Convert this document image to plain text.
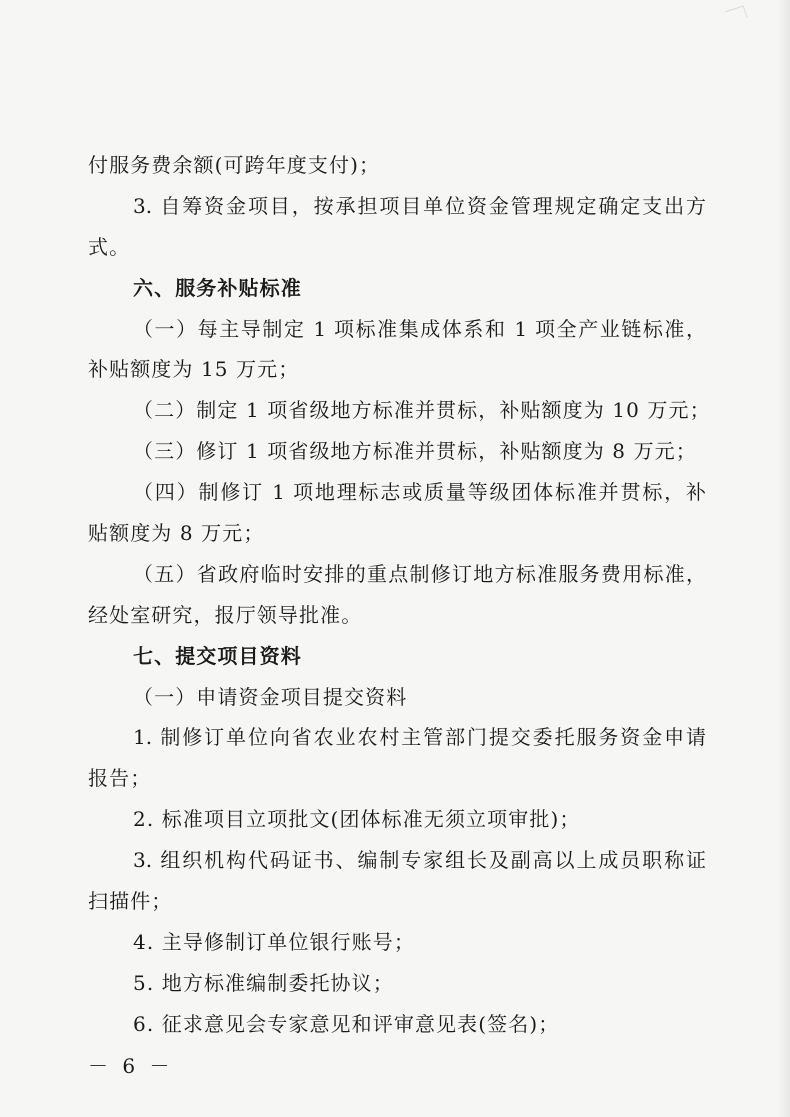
付服务费余额(可跨年度支付)；
3. 自筹资金项目，按承担项目单位资金管理规定确定支出方
式。
六、服务补贴标准
（一）每主导制定 1 项标准集成体系和 1 项全产业链标准，
补贴额度为 15 万元；
（二）制定 1 项省级地方标准并贯标，补贴额度为 10 万元；
（三）修订 1 项省级地方标准并贯标，补贴额度为 8 万元；
（四）制修订 1 项地理标志或质量等级团体标准并贯标，补
贴额度为 8 万元；
（五）省政府临时安排的重点制修订地方标准服务费用标准，
经处室研究，报厅领导批准。
七、提交项目资料
（一）申请资金项目提交资料
1. 制修订单位向省农业农村主管部门提交委托服务资金申请
报告；
2. 标准项目立项批文(团体标准无须立项审批)；
3. 组织机构代码证书、编制专家组长及副高以上成员职称证
扫描件；
4. 主导修制订单位银行账号；
5. 地方标准编制委托协议；
6. 征求意见会专家意见和评审意见表(签名)；
－ 6 －
